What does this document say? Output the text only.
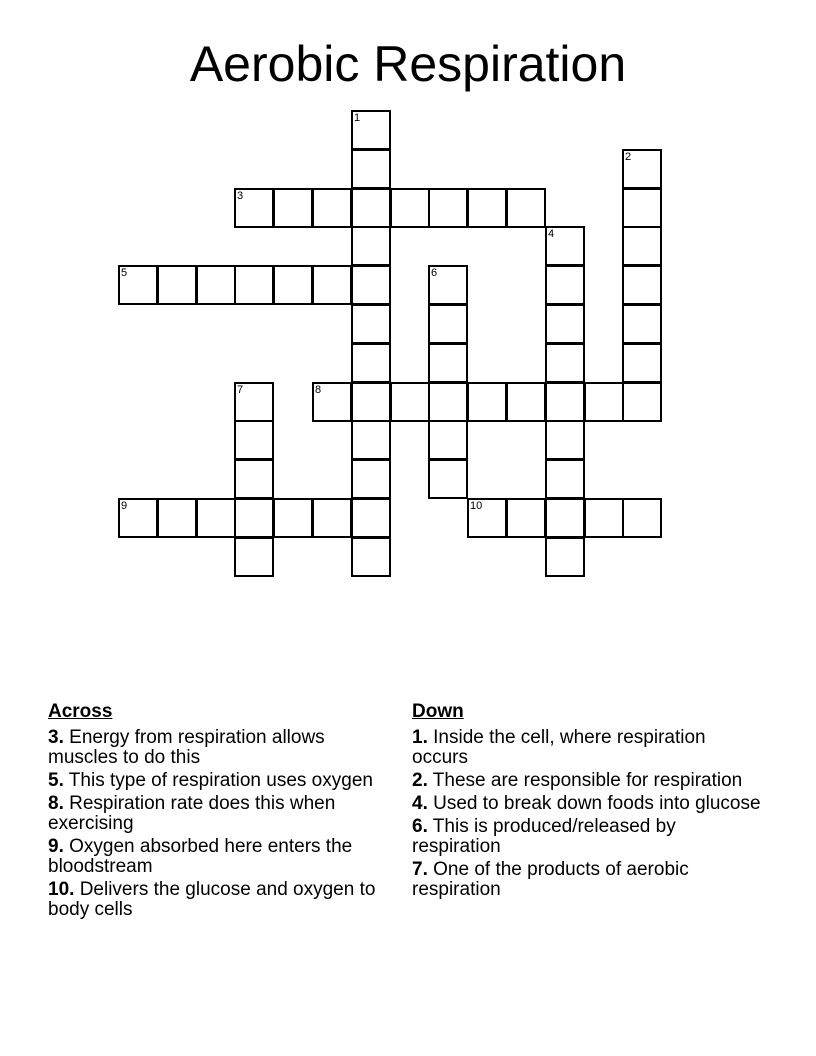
Aerobic Respiration
1
2
3
4
5	6
7	8
9	10
Across
3. Energy from respiration allows muscles to do this
5. This type of respiration uses oxygen
8. Respiration rate does this when exercising
9. Oxygen absorbed here enters the bloodstream
10. Delivers the glucose and oxygen to body cells
Down
1. Inside the cell, where respiration occurs
2. These are responsible for respiration
4. Used to break down foods into glucose
6. This is produced/released by respiration
7. One of the products of aerobic respiration
